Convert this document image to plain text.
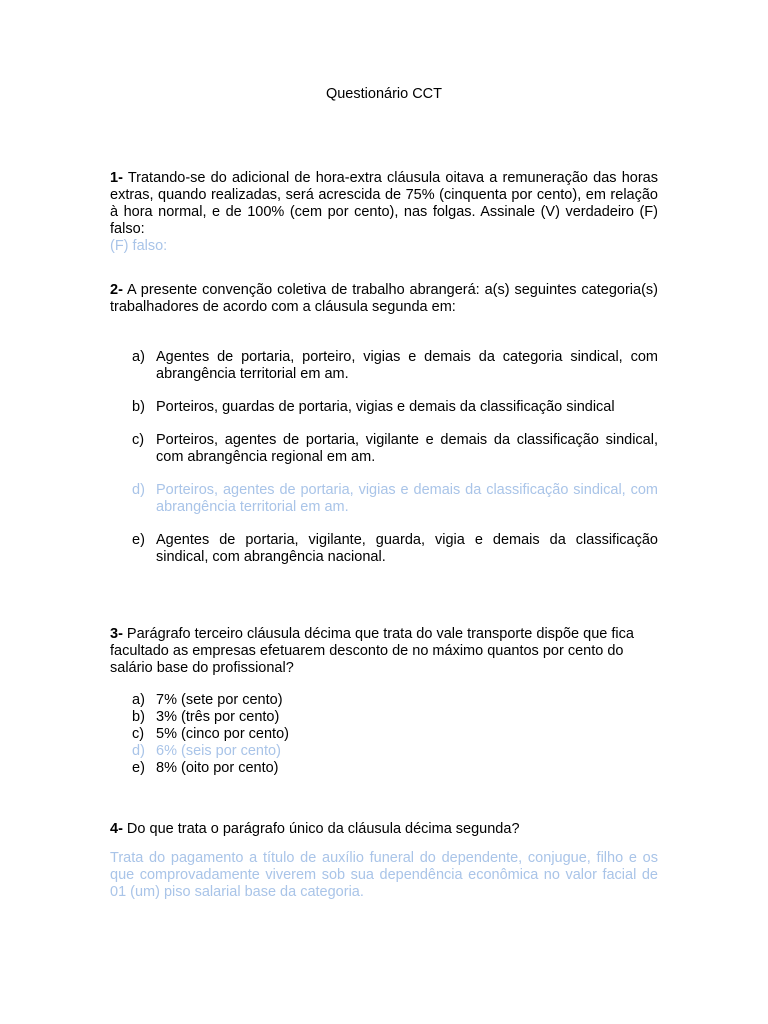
Questionário CCT
1- Tratando-se do adicional de hora-extra cláusula oitava a remuneração das horas extras, quando realizadas, será acrescida de 75% (cinquenta por cento), em relação à hora normal, e de 100% (cem por cento), nas folgas. Assinale (V) verdadeiro (F) falso:
(F) falso:
2- A presente convenção coletiva de trabalho abrangerá: a(s) seguintes categoria(s) trabalhadores de acordo com a cláusula segunda em:
a) Agentes de portaria, porteiro, vigias e demais da categoria sindical, com abrangência territorial em am.
b) Porteiros, guardas de portaria, vigias e demais da classificação sindical
c) Porteiros, agentes de portaria, vigilante e demais da classificação sindical, com abrangência regional em am.
d) Porteiros, agentes de portaria, vigias e demais da classificação sindical, com abrangência territorial em am.
e) Agentes de portaria, vigilante, guarda, vigia e demais da classificação sindical, com abrangência nacional.
3- Parágrafo terceiro cláusula décima que trata do vale transporte dispõe que fica facultado as empresas efetuarem desconto de no máximo quantos por cento do salário base do profissional?
a) 7% (sete por cento)
b) 3% (três por cento)
c) 5% (cinco por cento)
d) 6% (seis por cento)
e) 8% (oito por cento)
4- Do que trata o parágrafo único da cláusula décima segunda?
Trata do pagamento a título de auxílio funeral do dependente, conjugue, filho e os que comprovadamente viverem sob sua dependência econômica no valor facial de 01 (um) piso salarial base da categoria.
